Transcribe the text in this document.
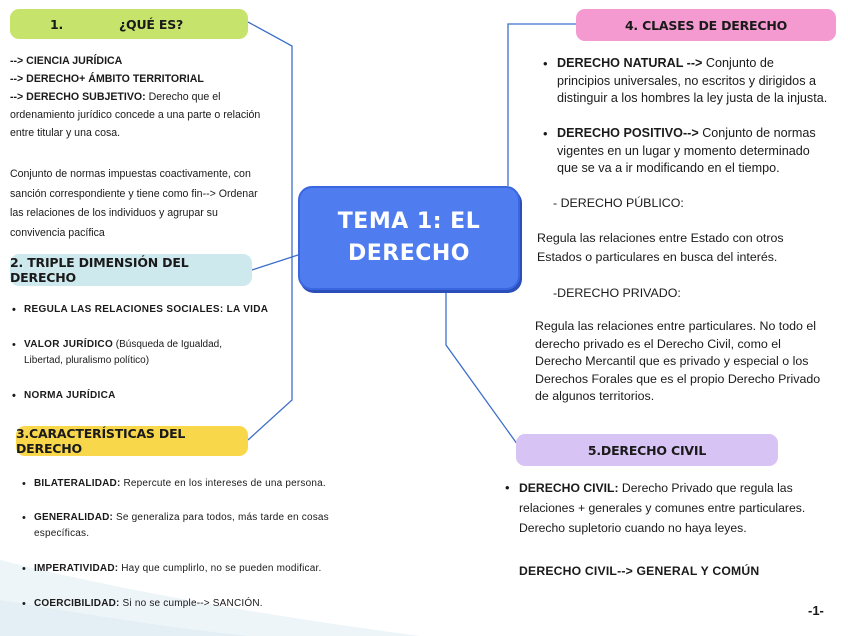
1.	¿QUÉ ES?
--> CIENCIA JURÍDICA
--> DERECHO+ ÁMBITO TERRITORIAL
--> DERECHO SUBJETIVO: Derecho que el
ordenamiento jurídico concede a una parte o relación
entre titular y una cosa.
Conjunto de normas impuestas coactivamente, con
sanción correspondiente y tiene como fin--> Ordenar
las relaciones de los individuos y agrupar su
convivencia pacífica
2. TRIPLE DIMENSIÓN DEL DERECHO
• REGULA LAS RELACIONES SOCIALES: LA VIDA
• VALOR JURÍDICO (Búsqueda de Igualdad,
Libertad, pluralismo político)
• NORMA JURÍDICA
3.CARACTERÍSTICAS DEL DERECHO
• BILATERALIDAD: Repercute en los intereses de una persona.
• GENERALIDAD: Se generaliza para todos, más tarde en cosas
específicas.
• IMPERATIVIDAD: Hay que cumplirlo, no se pueden modificar.
• COERCIBILIDAD: Si no se cumple--> SANCIÓN.
TEMA 1: EL
DERECHO
4. CLASES DE DERECHO
• DERECHO NATURAL --> Conjunto de
principios universales, no escritos y dirigidos a
distinguir a los hombres la ley justa de la injusta.
• DERECHO POSITIVO--> Conjunto de normas
vigentes en un lugar y momento determinado
que se va a ir modificando en el tiempo.
- DERECHO PÚBLICO:
Regula las relaciones entre Estado con otros
Estados o particulares en busca del interés.
-DERECHO PRIVADO:
Regula las relaciones entre particulares. No todo el
derecho privado es el Derecho Civil, como el
Derecho Mercantil que es privado y especial o los
Derechos Forales que es el propio Derecho Privado
de algunos territorios.
5.DERECHO CIVIL
• DERECHO CIVIL: Derecho Privado que regula las
relaciones + generales y comunes entre particulares.
Derecho supletorio cuando no haya leyes.
DERECHO CIVIL--> GENERAL Y COMÚN
-1-
